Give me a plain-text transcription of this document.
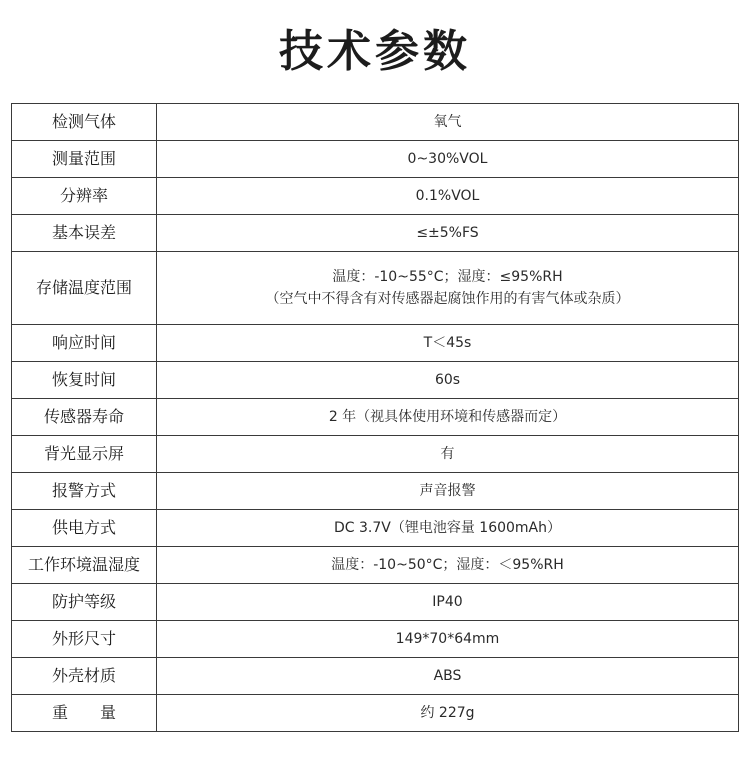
技术参数
检测气体	氧气
测量范围	0~30%VOL
分辨率	0.1%VOL
基本误差	≤±5%FS
存储温度范围	温度：-10~55°C；湿度：≤95%RH
（空气中不得含有对传感器起腐蚀作用的有害气体或杂质）

响应时间	T＜45s
恢复时间	60s
传感器寿命	2 年（视具体使用环境和传感器而定）
背光显示屏	有
报警方式	声音报警
供电方式	DC 3.7V（锂电池容量 1600mAh）
工作环境温湿度	温度：-10~50°C；湿度：＜95%RH
防护等级	IP40
外形尺寸	149*70*64mm
外壳材质	ABS
重　　量	约 227g
